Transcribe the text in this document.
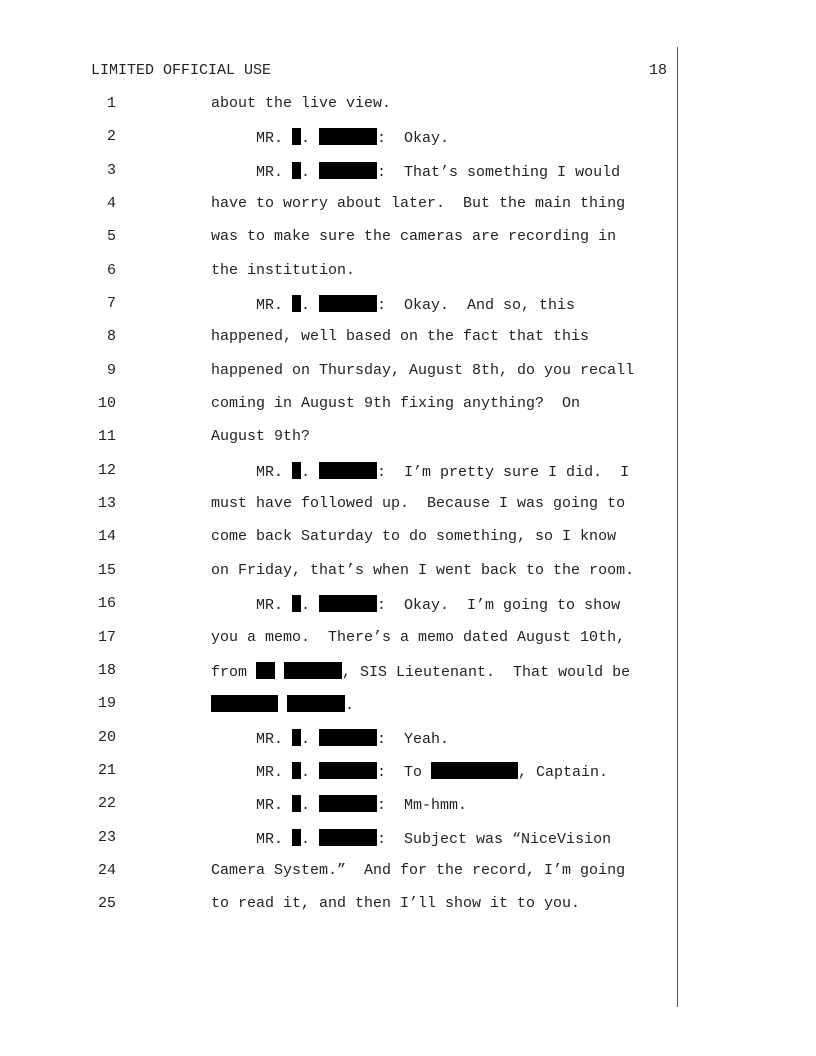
LIMITED OFFICIAL USE	18
1	about the live view.
2	MR. .	:  Okay.
3	MR. .	:  That’s something I would
4	have to worry about later.  But the main thing
5	was to make sure the cameras are recording in
6	the institution.
7	MR. .	:  Okay.  And so, this
8	happened, well based on the fact that this
9	happened on Thursday, August 8th, do you recall
10	coming in August 9th fixing anything?  On
11	August 9th?
12	MR. .	:  I’m pretty sure I did.  I
13	must have followed up.  Because I was going to
14	come back Saturday to do something, so I know
15	on Friday, that’s when I went back to the room.
16	MR. .	:  Okay.  I’m going to show
17	you a memo.  There’s a memo dated August 10th,
18	from	, SIS Lieutenant.  That would be
19	.
20	MR. .	:  Yeah.
21	MR. .	:  To	, Captain.
22	MR. .	:  Mm-hmm.
23	MR. .	:  Subject was “NiceVision
24	Camera System.”  And for the record, I’m going
25	to read it, and then I’ll show it to you.
